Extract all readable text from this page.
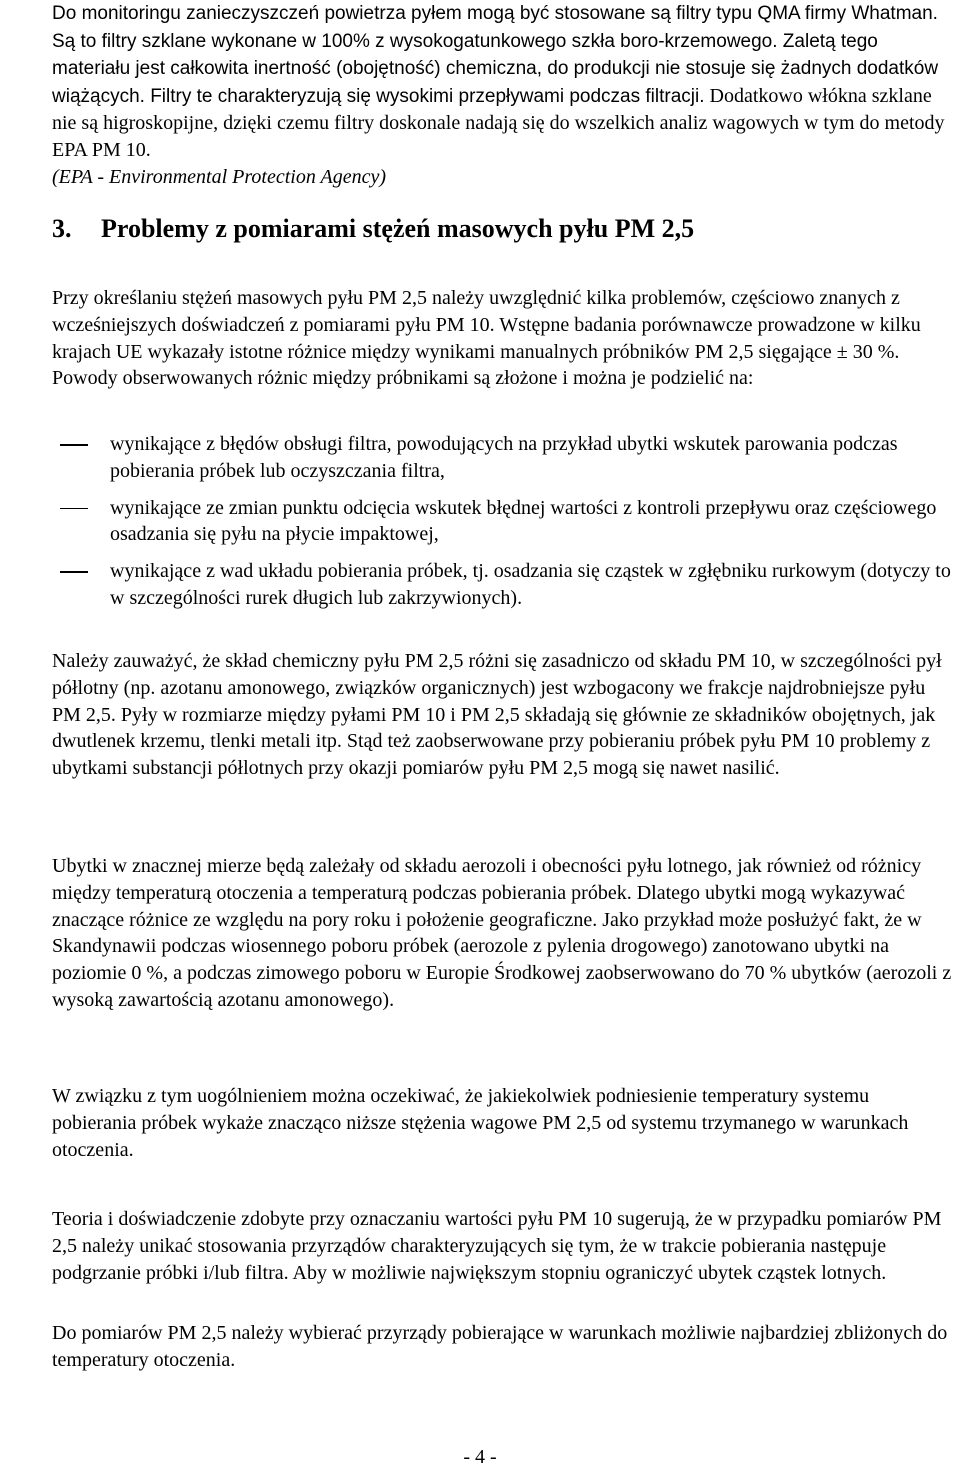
Do monitoringu zanieczyszczeń powietrza pyłem mogą być stosowane są filtry typu QMA firmy Whatman. Są to filtry szklane wykonane w 100% z wysokogatunkowego szkła boro-krzemowego. Zaletą tego materiału jest całkowita inertność (obojętność) chemiczna, do produkcji nie stosuje się żadnych dodatków wiążących. Filtry te charakteryzują się wysokimi przepływami podczas filtracji. Dodatkowo włókna szklane nie są higroskopijne, dzięki czemu filtry doskonale nadają się do wszelkich analiz wagowych w tym do metody EPA PM 10.
(EPA - Environmental Protection Agency)
3. Problemy z pomiarami stężeń masowych pyłu PM 2,5
Przy określaniu stężeń masowych pyłu PM 2,5 należy uwzględnić kilka problemów, częściowo znanych z wcześniejszych doświadczeń z pomiarami pyłu PM 10. Wstępne badania porównawcze prowadzone w kilku krajach UE wykazały istotne różnice między wynikami manualnych próbników PM 2,5 sięgające ± 30 %. Powody obserwowanych różnic między próbnikami są złożone i można je podzielić na:
wynikające z błędów obsługi filtra, powodujących na przykład ubytki wskutek parowania podczas pobierania próbek lub oczyszczania filtra,
wynikające ze zmian punktu odcięcia wskutek błędnej wartości z kontroli przepływu oraz częściowego osadzania się pyłu na płycie impaktowej,
wynikające z wad układu pobierania próbek, tj. osadzania się cząstek w zgłębniku rurkowym (dotyczy to w szczególności rurek długich lub zakrzywionych).
Należy zauważyć, że skład chemiczny pyłu PM 2,5 różni się zasadniczo od składu PM 10, w szczególności pył półlotny (np. azotanu amonowego, związków organicznych) jest wzbogacony we frakcje najdrobniejsze pyłu PM 2,5. Pyły w rozmiarze między pyłami PM 10 i PM 2,5 składają się głównie ze składników obojętnych, jak dwutlenek krzemu, tlenki metali itp. Stąd też zaobserwowane przy pobieraniu próbek pyłu PM 10 problemy z ubytkami substancji półlotnych przy okazji pomiarów pyłu PM 2,5 mogą się nawet nasilić.
Ubytki w znacznej mierze będą zależały od składu aerozoli i obecności pyłu lotnego, jak również od różnicy między temperaturą otoczenia a temperaturą podczas pobierania próbek. Dlatego ubytki mogą wykazywać znaczące różnice ze względu na pory roku i położenie geograficzne. Jako przykład może posłużyć fakt, że w Skandynawii podczas wiosennego poboru próbek (aerozole z pylenia drogowego) zanotowano ubytki na poziomie 0 %, a podczas zimowego poboru w Europie Środkowej zaobserwowano do 70 % ubytków (aerozoli z wysoką zawartością azotanu amonowego).
W związku z tym uogólnieniem można oczekiwać, że jakiekolwiek podniesienie temperatury systemu pobierania próbek wykaże znacząco niższe stężenia wagowe PM 2,5 od systemu trzymanego w warunkach otoczenia.
Teoria i doświadczenie zdobyte przy oznaczaniu wartości pyłu PM 10 sugerują, że w przypadku pomiarów PM 2,5 należy unikać stosowania przyrządów charakteryzujących się tym, że w trakcie pobierania następuje podgrzanie próbki i/lub filtra. Aby w możliwie największym stopniu ograniczyć ubytek cząstek lotnych.
Do pomiarów PM 2,5 należy wybierać przyrządy pobierające w warunkach możliwie najbardziej zbliżonych do temperatury otoczenia.
- 4 -
